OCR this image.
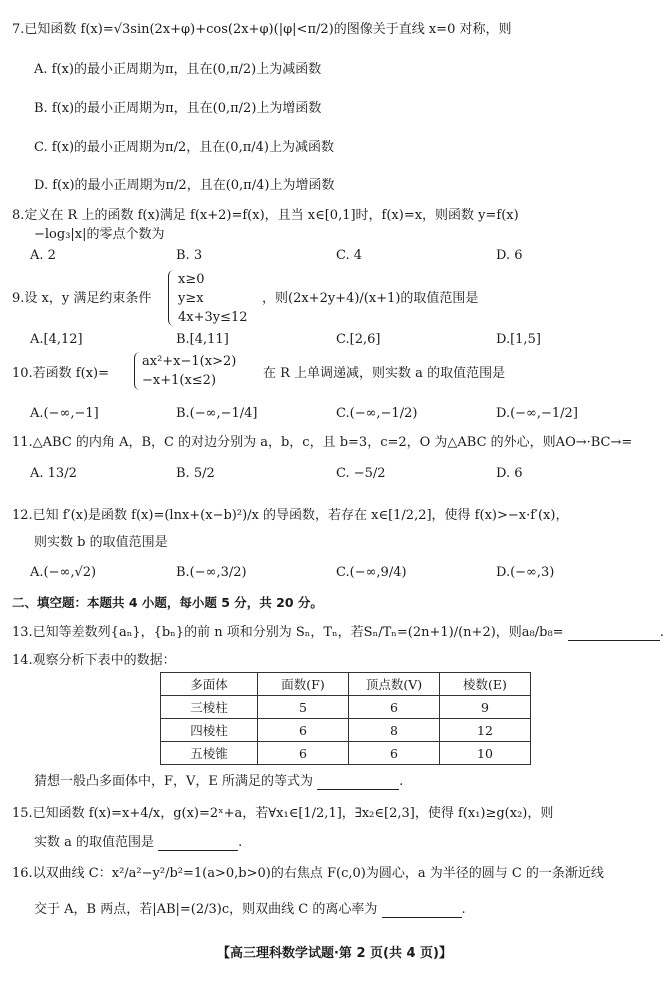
7.已知函数 f(x)=√3sin(2x+φ)+cos(2x+φ)(|φ|<π/2)的图像关于直线 x=0 对称，则
A. f(x)的最小正周期为π，且在(0,π/2)上为减函数
B. f(x)的最小正周期为π，且在(0,π/2)上为增函数
C. f(x)的最小正周期为π/2，且在(0,π/4)上为减函数
D. f(x)的最小正周期为π/2，且在(0,π/4)上为增函数
8.定义在 R 上的函数 f(x)满足 f(x+2)=f(x)，且当 x∈[0,1]时，f(x)=x，则函数 y=f(x)
−log₃|x|的零点个数为
A. 2	B. 3	C. 4	D. 6
9.设 x，y 满足约束条件
x≥0
y≥x
4x+3y≤12
，则(2x+2y+4)/(x+1)的取值范围是
A.[4,12]	B.[4,11]	C.[2,6]	D.[1,5]
10.若函数 f(x)=
ax²+x−1(x>2)
−x+1(x≤2)	在 R 上单调递减，则实数 a 的取值范围是
A.(−∞,−1]	B.(−∞,−1/4]	C.(−∞,−1/2)	D.(−∞,−1/2]
11.△ABC 的内角 A，B，C 的对边分别为 a，b，c，且 b=3，c=2，O 为△ABC 的外心，则AO→·BC→=
A. 13/2	B. 5/2	C. −5/2	D. 6
12.已知 f′(x)是函数 f(x)=(lnx+(x−b)²)/x 的导函数，若存在 x∈[1/2,2]，使得 f(x)>−x·f′(x)，
则实数 b 的取值范围是
A.(−∞,√2)	B.(−∞,3/2)	C.(−∞,9/4)	D.(−∞,3)
二、填空题：本题共 4 小题，每小题 5 分，共 20 分。
13.已知等差数列{aₙ}，{bₙ}的前 n 项和分别为 Sₙ，Tₙ，若Sₙ/Tₙ=(2n+1)/(n+2)，则a₈/b₈=	.
14.观察分析下表中的数据：
多面体	面数(F)	顶点数(V)	棱数(E)
三棱柱	5	6	9
四棱柱	6	8	12
五棱锥	6	6	10
猜想一般凸多面体中，F，V，E 所满足的等式为	.
15.已知函数 f(x)=x+4/x，g(x)=2ˣ+a，若∀x₁∈[1/2,1]，∃x₂∈[2,3]，使得 f(x₁)≥g(x₂)，则
实数 a 的取值范围是	.
16.以双曲线 C：x²/a²−y²/b²=1(a>0,b>0)的右焦点 F(c,0)为圆心，a 为半径的圆与 C 的一条渐近线
交于 A，B 两点，若|AB|=(2/3)c，则双曲线 C 的离心率为	.
【高三理科数学试题·第 2 页(共 4 页)】
